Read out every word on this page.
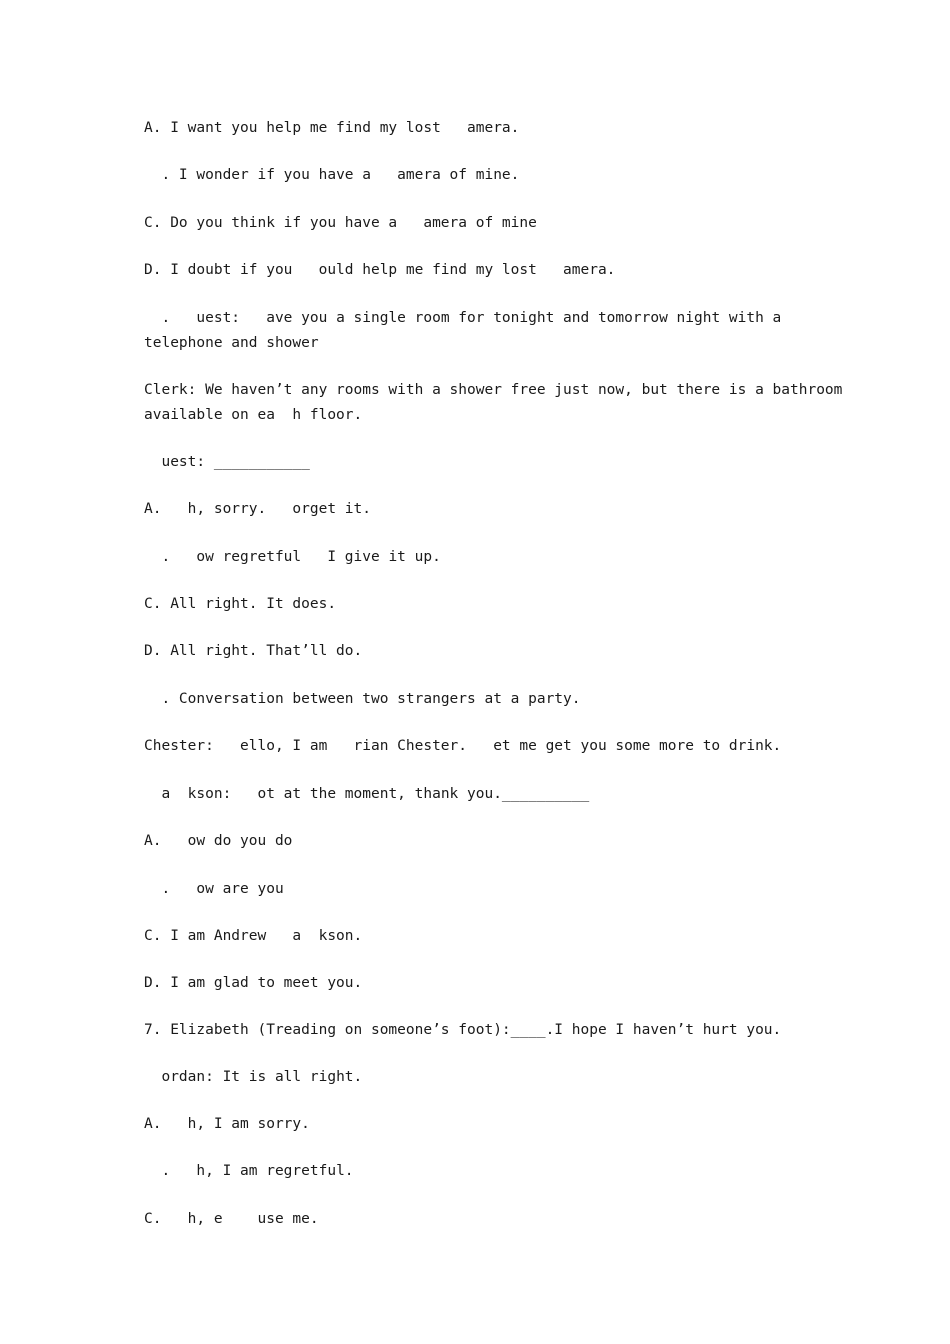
A. I want you help me find my lost   amera.

. I wonder if you have a   amera of mine.

C. Do you think if you have a   amera of mine

D. I doubt if you   ould help me find my lost   amera.

.   uest:   ave you a single room for tonight and tomorrow night with a telephone and shower

Clerk: We haven’t any rooms with a shower free just now, but there is a bathroom available on ea  h floor.

uest: ___________

A.   h, sorry.   orget it.

.   ow regretful   I give it up.

C. All right. It does.

D. All right. That’ll do.

. Conversation between two strangers at a party.

Chester:   ello, I am   rian Chester.   et me get you some more to drink.

a  kson:   ot at the moment, thank you.__________

A.   ow do you do

.   ow are you

C. I am Andrew   a  kson.

D. I am glad to meet you.

7. Elizabeth (Treading on someone’s foot):____.I hope I haven’t hurt you.

ordan: It is all right.

A.   h, I am sorry.

.   h, I am regretful.

C.   h, e    use me.
